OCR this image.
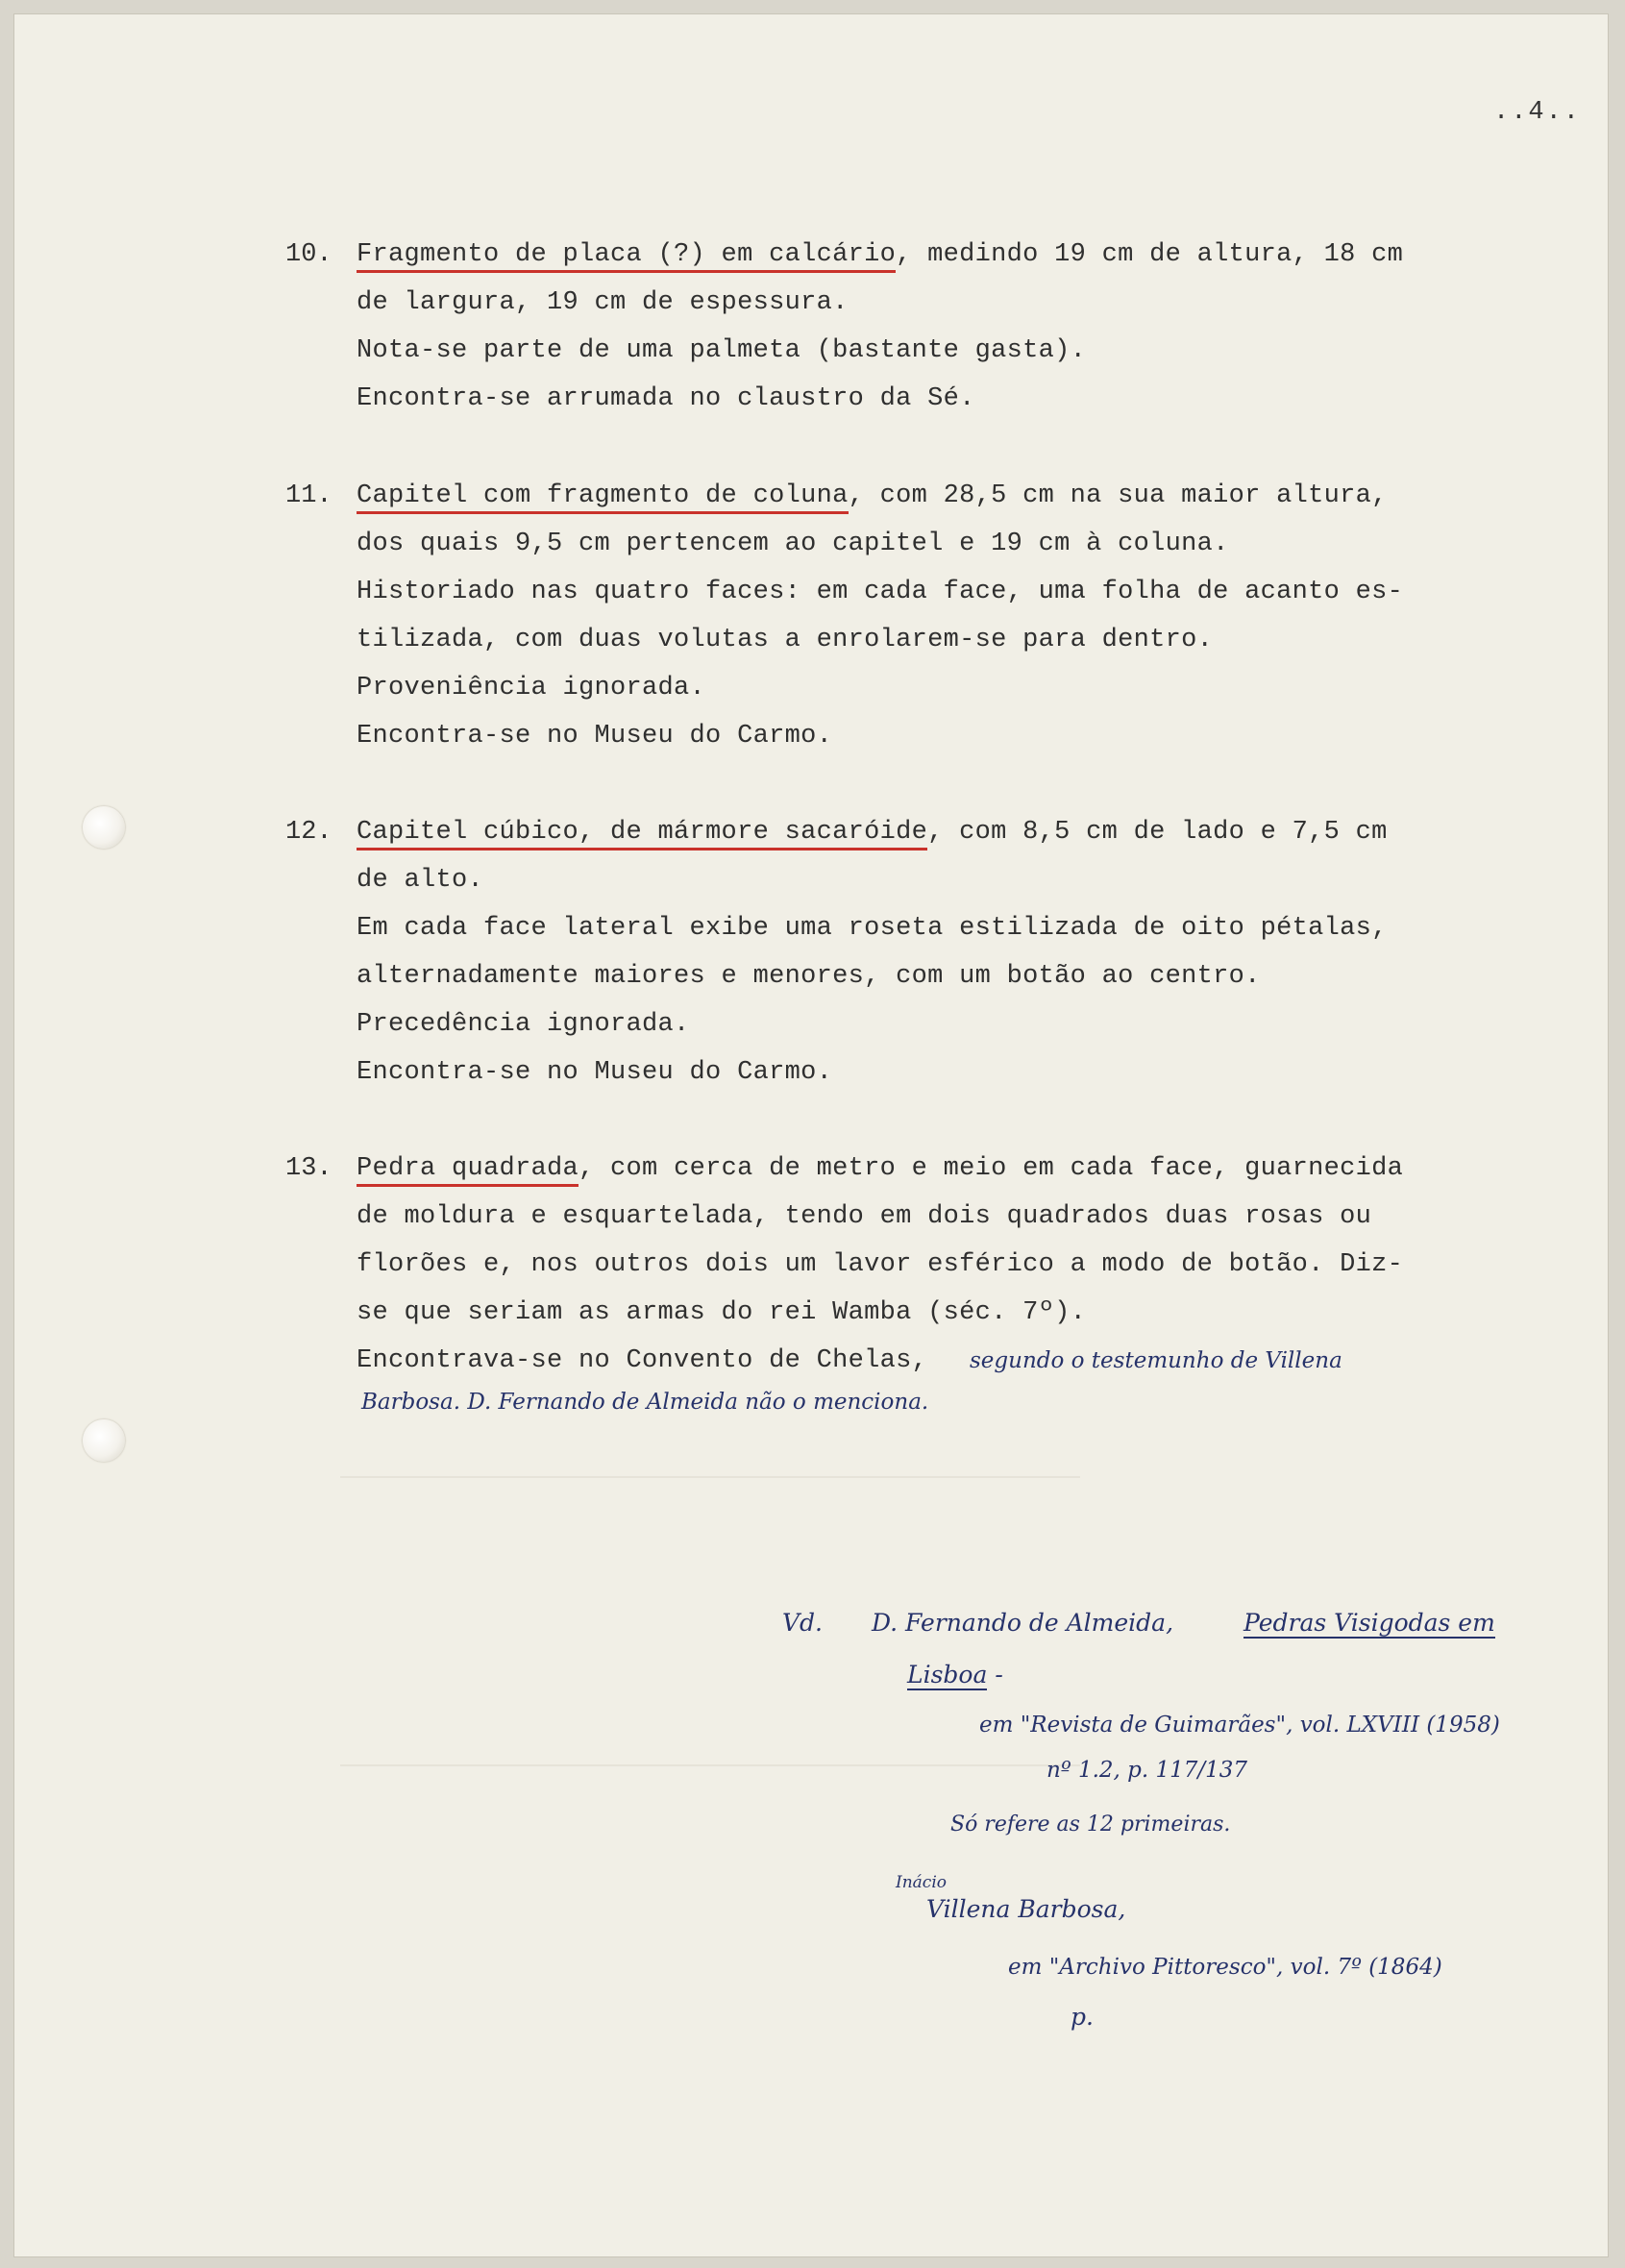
..4..
10. Fragmento de placa (?) em calcário, medindo 19 cm de altura, 18 cm
de largura, 19 cm de espessura.
Nota-se parte de uma palmeta (bastante gasta).
Encontra-se arrumada no claustro da Sé.
11. Capitel com fragmento de coluna, com 28,5 cm na sua maior altura,
dos quais 9,5 cm pertencem ao capitel e 19 cm à coluna.
Historiado nas quatro faces: em cada face, uma folha de acanto es-
tilizada, com duas volutas a enrolarem-se para dentro.
Proveniência ignorada.
Encontra-se no Museu do Carmo.
12. Capitel cúbico, de mármore sacaróide, com 8,5 cm de lado e 7,5 cm
de alto.
Em cada face lateral exibe uma roseta estilizada de oito pétalas,
alternadamente maiores e menores, com um botão ao centro.
Precedência ignorada.
Encontra-se no Museu do Carmo.
13. Pedra quadrada, com cerca de metro e meio em cada face, guarnecida
de moldura e esquartelada, tendo em dois quadrados duas rosas ou
florões e, nos outros dois um lavor esférico a modo de botão. Diz-
se que seriam as armas do rei Wamba (séc. 7º).
Encontrava-se no Convento de Chelas, segundo o testemunho de Villena
Barbosa. D. Fernando de Almeida não o menciona.
Vd. D. Fernando de Almeida,	Pedras Visigodas em
Lisboa -
em "Revista de Guimarães", vol. LXVIII (1958)
nº 1.2, p. 117/137
Só refere as 12 primeiras.
Inácio
Villena Barbosa,
em "Archivo Pittoresco", vol. 7º (1864)
p.
